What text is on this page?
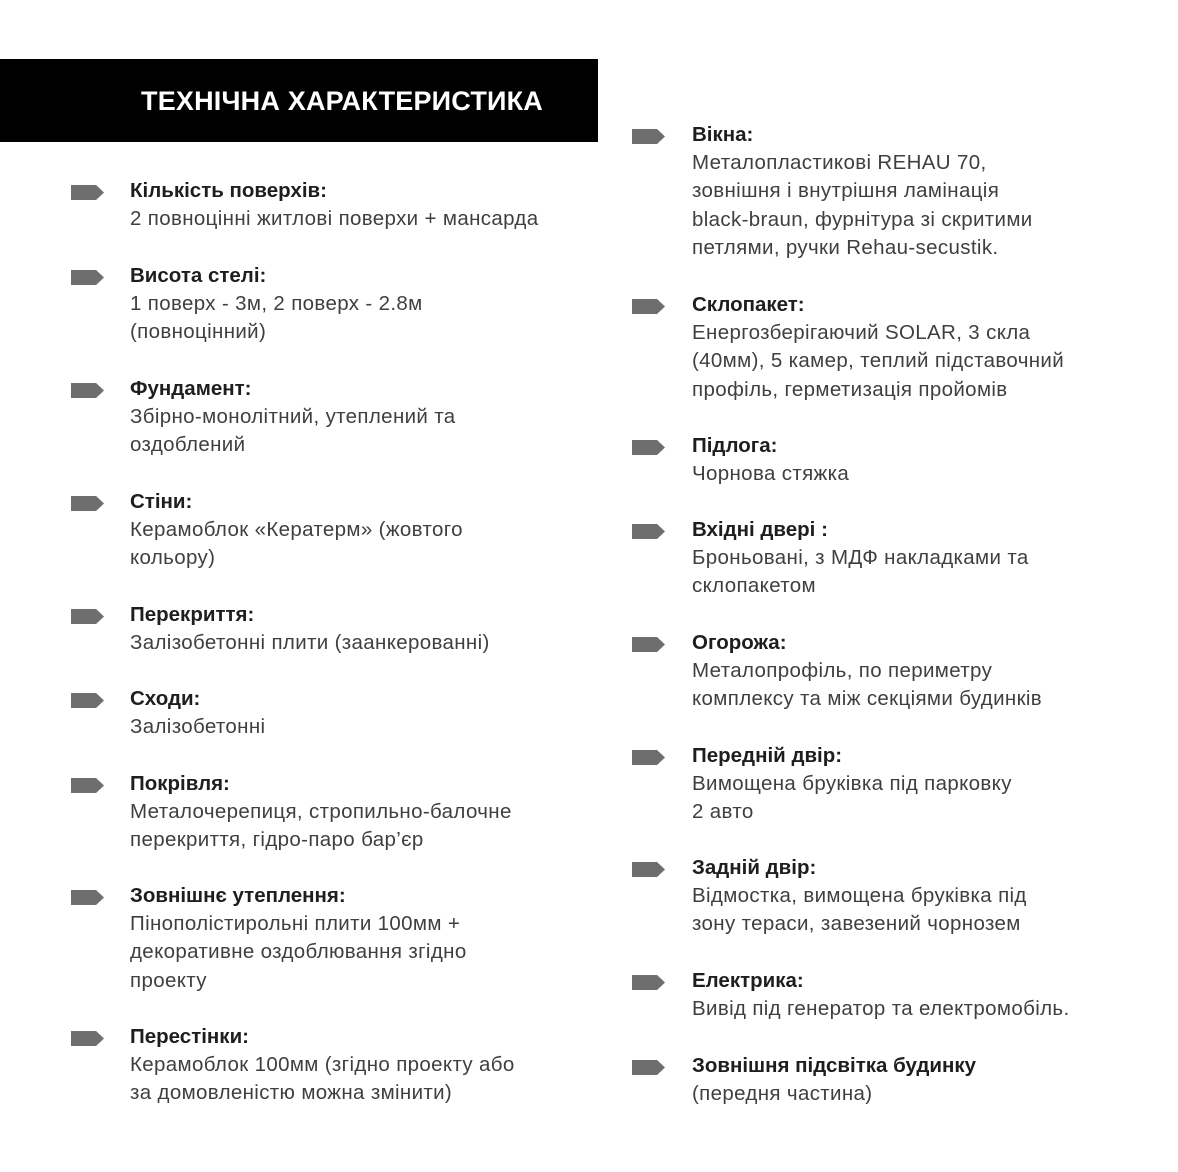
ТЕХНІЧНА ХАРАКТЕРИСТИКА
Кількість поверхів:
2 повноцінні житлові поверхи + мансарда
Висота стелі:
1 поверх - 3м, 2 поверх - 2.8м
(повноцінний)
Фундамент:
Збірно-монолітний, утеплений та
оздоблений
Стіни:
Керамоблок «Кератерм» (жовтого
кольору)
Перекриття:
Залізобетонні плити (заанкерованні)
Сходи:
Залізобетонні
Покрівля:
Металочерепиця, стропильно-балочне
перекриття, гідро-паро бар’єр
Зовнішнє утеплення:
Пінополістирольні плити 100мм +
декоративне оздоблювання згідно
проекту
Перестінки:
Керамоблок 100мм (згідно проекту або
за домовленістю можна змінити)
Вікна:
Металопластикові REHAU 70,
зовнішня і внутрішня ламінація
black-braun, фурнітура зі скритими
петлями, ручки Rehau-secustik.
Склопакет:
Енергозберігаючий SOLAR, 3 скла
(40мм), 5 камер, теплий підставочний
профіль, герметизація пройомів
Підлога:
Чорнова стяжка
Вхідні двері :
Броньовані, з МДФ накладками та
склопакетом
Огорожа:
Металопрофіль, по периметру
комплексу та між секціями будинків
Передній двір:
Вимощена бруківка під парковку
2 авто
Задній двір:
Відмостка, вимощена бруківка під
зону тераси, завезений чорнозем
Електрика:
Вивід під генератор та електромобіль.
Зовнішня підсвітка будинку
(передня частина)
